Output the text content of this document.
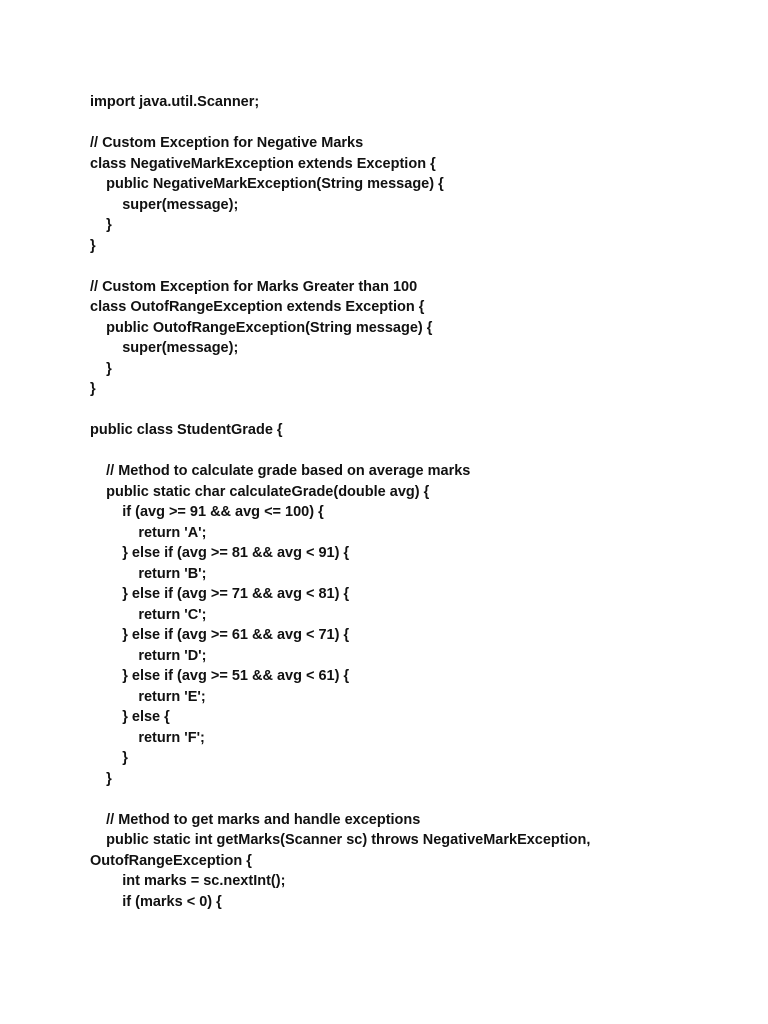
import java.util.Scanner;
// Custom Exception for Negative Marks
class NegativeMarkException extends Exception {
public NegativeMarkException(String message) {
super(message);
}
}
// Custom Exception for Marks Greater than 100
class OutofRangeException extends Exception {
public OutofRangeException(String message) {
super(message);
}
}
public class StudentGrade {
// Method to calculate grade based on average marks
public static char calculateGrade(double avg) {
if (avg >= 91 && avg <= 100) {
return 'A';
} else if (avg >= 81 && avg < 91) {
return 'B';
} else if (avg >= 71 && avg < 81) {
return 'C';
} else if (avg >= 61 && avg < 71) {
return 'D';
} else if (avg >= 51 && avg < 61) {
return 'E';
} else {
return 'F';
}
}
// Method to get marks and handle exceptions
public static int getMarks(Scanner sc) throws NegativeMarkException,
OutofRangeException {
int marks = sc.nextInt();
if (marks < 0) {
